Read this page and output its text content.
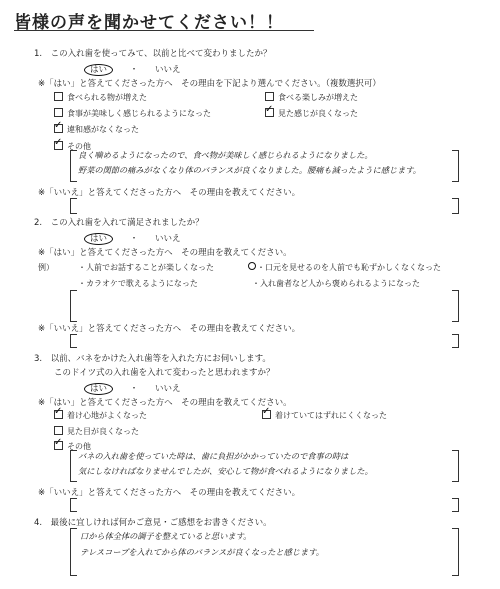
皆様の声を聞かせてください！！
1.　この入れ歯を使ってみて、以前と比べて変わりましたか？
はい	・ いいえ
※「はい」と答えてくださった方へ　その理由を下記より選んでください。（複数選択可）
食べられる物が増えた	食べる楽しみが増えた
食事が美味しく感じられるようになった ✓	見た感じが良くなった
✓違和感がなくなった
✓その他
良く噛めるようになったので、食べ物が美味しく感じられるようになりました。
野菜の関節の痛みがなくなり体のバランスが良くなりました。腰痛も減ったように感じます。
※「いいえ」と答えてくださった方へ　その理由を教えてください。
2.　この入れ歯を入れて満足されましたか？
はい	・ いいえ
※「はい」と答えてくださった方へ　その理由を教えてください。
例）	・人前でお話することが楽しくなった	・口元を見せるのを人前でも恥ずかしくなくなった
・カラオケで歌えるようになった	・入れ歯者など人から褒められるようになった
※「いいえ」と答えてくださった方へ　その理由を教えてください。
3.　以前、バネをかけた入れ歯等を入れた方にお伺いします。
このドイツ式の入れ歯を入れて変わったと思われますか？
はい	・ いいえ
※「はい」と答えてくださった方へ　その理由を教えてください。
✓着け心地がよくなった ✓	着けていてはずれにくくなった
見た目が良くなった
✓その他
バネの入れ歯を使っていた時は、歯に負担がかかっていたので食事の時は
気にしなければなりませんでしたが、安心して物が食べれるようになりました。
※「いいえ」と答えてくださった方へ　その理由を教えてください。
4.　最後に宜しければ何かご意見・ご感想をお書きください。
口から体全体の調子を整えていると思います。
テレスコープを入れてから体のバランスが良くなったと感じます。
